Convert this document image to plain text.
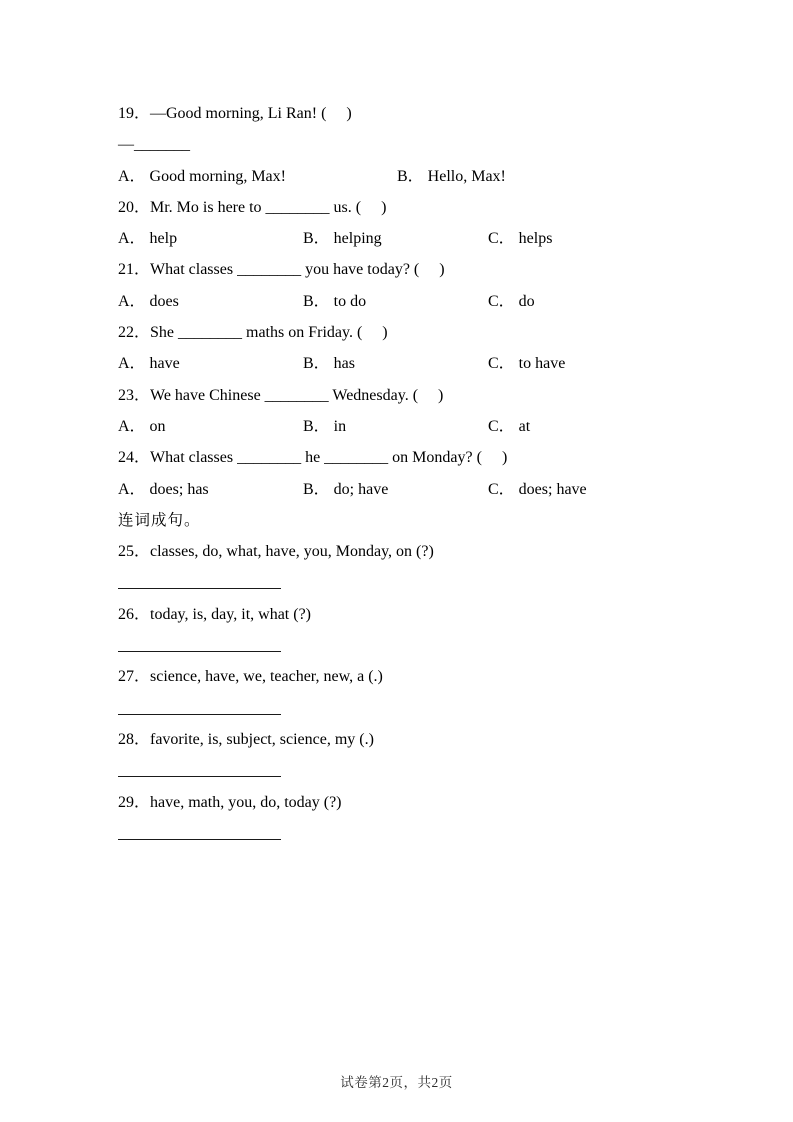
19．—Good morning, Li Ran! (     )
—_______
A． Good morning, Max!	B． Hello, Max!
20．Mr. Mo is here to ________ us. (     )
A． help	B． helping	C． helps
21．What classes ________ you have today? (     )
A． does	B． to do	C． do
22．She ________ maths on Friday. (     )
A． have	B． has	C． to have
23．We have Chinese ________ Wednesday. (     )
A． on	B． in	C． at
24．What classes ________ he ________ on Monday? (     )
A． does; has	B． do; have	C． does; have
连词成句。
25．classes, do, what, have, you, Monday, on (?)
26．today, is, day, it, what (?)
27．science, have, we, teacher, new, a (.)
28．favorite, is, subject, science, my (.)
29．have, math, you, do, today (?)
试卷第2页，共2页
